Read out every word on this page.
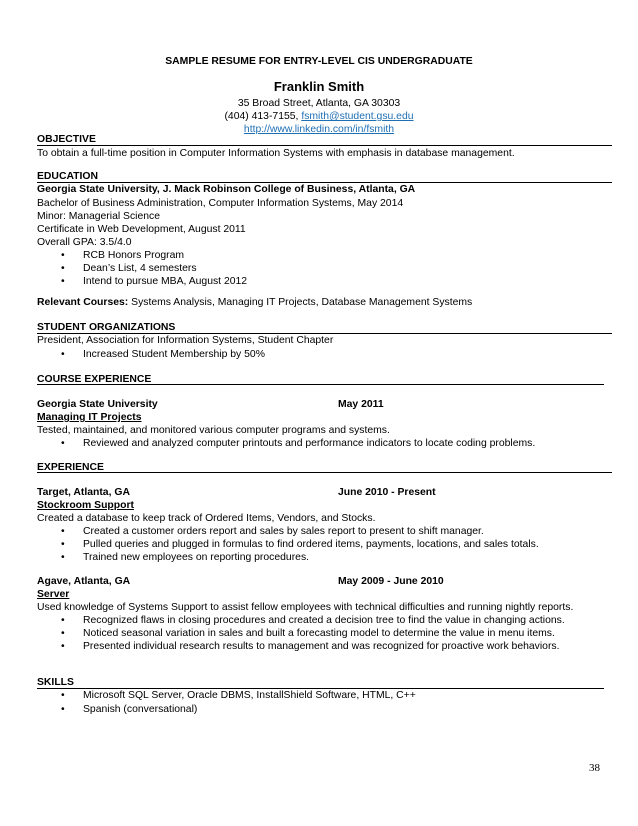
SAMPLE RESUME FOR ENTRY-LEVEL CIS UNDERGRADUATE
Franklin Smith
35 Broad Street, Atlanta, GA 30303
(404) 413-7155, fsmith@student.gsu.edu
http://www.linkedin.com/in/fsmith
OBJECTIVE
To obtain a full-time position in Computer Information Systems with emphasis in database management.
EDUCATION
Georgia State University, J. Mack Robinson College of Business, Atlanta, GA
Bachelor of Business Administration, Computer Information Systems, May 2014
Minor: Managerial Science
Certificate in Web Development, August 2011
Overall GPA: 3.5/4.0
• RCB Honors Program
• Dean’s List, 4 semesters
• Intend to pursue MBA, August 2012
Relevant Courses: Systems Analysis, Managing IT Projects, Database Management Systems
STUDENT ORGANIZATIONS
President, Association for Information Systems, Student Chapter
• Increased Student Membership by 50%
COURSE EXPERIENCE
Georgia State University	May 2011
Managing IT Projects
Tested, maintained, and monitored various computer programs and systems.
• Reviewed and analyzed computer printouts and performance indicators to locate coding problems.
EXPERIENCE
Target, Atlanta, GA	June 2010 - Present
Stockroom Support
Created a database to keep track of Ordered Items, Vendors, and Stocks.
• Created a customer orders report and sales by sales report to present to shift manager.
• Pulled queries and plugged in formulas to find ordered items, payments, locations, and sales totals.
• Trained new employees on reporting procedures.
Agave, Atlanta, GA	May 2009 - June 2010
Server
Used knowledge of Systems Support to assist fellow employees with technical difficulties and running nightly reports.
• Recognized flaws in closing procedures and created a decision tree to find the value in changing actions.
• Noticed seasonal variation in sales and built a forecasting model to determine the value in menu items.
• Presented individual research results to management and was recognized for proactive work behaviors.
SKILLS
• Microsoft SQL Server, Oracle DBMS, InstallShield Software, HTML, C++
• Spanish (conversational)
38
